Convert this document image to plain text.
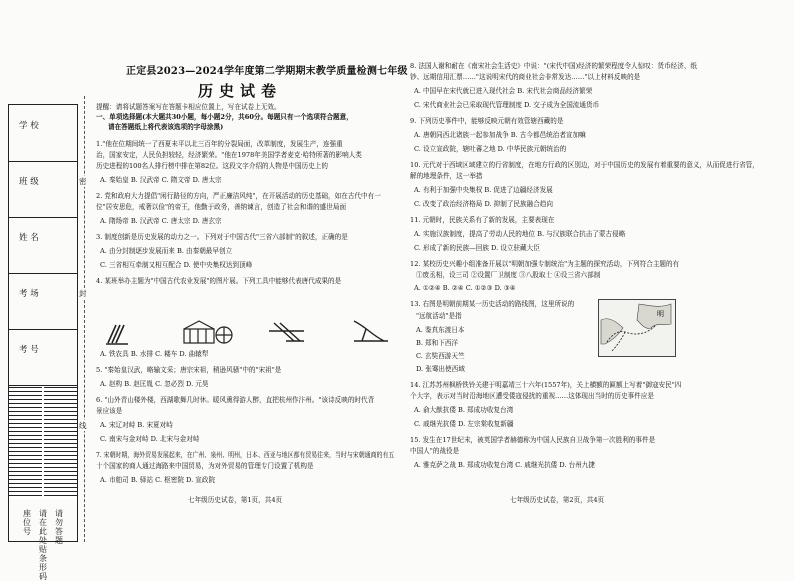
学 校
班 级
姓 名
考 场
考 号
座位号
请在此处贴条形码
请勿答题
密
封
线
正定县2023—2024学年度第二学期期末教学质量检测七年级
历史试卷
提醒：请将试题答案写在答题卡相应位置上，写在试卷上无效。
一、单项选择题(本大题共30小题，每小题2分，共60分。每题只有一个选项符合题意，
请在答题纸上将代表该选项的字母涂黑)
1."他在位期间统一了西夏未平以北三百年的分裂局面，改革制度，发展生产，连强重
治，国家安定，人民负担较轻，经济繁荣。"他在1978年美国学者麦克·哈特所著的影响人类
历史进程的100名人排行榜中排在第82位。这段文字介绍的人物是中国历史上的
A. 秦始皇 B. 汉武帝 C. 隋文帝 D. 唐太宗
2. 党和政府大力提倡"闲行路径的方向，严正廉洁风纯"，在开展活动的历史基础，如在古代中有一
位"居安思危，戒奢以俭"的帝王，他勤于政务，善纳谏言，创造了社会和谐的盛世局面
A. 隋炀帝 B. 汉武帝 C. 唐太宗 D. 唐玄宗
3. 制度创新是历史发展的动力之一。下列对于中国古代"三省六部制"的叙述，正确的是
A. 由分封制逐步发展而来 B. 由秦朝最早创立
C. 三省相互牵制又相互配合 D. 使中央集权达到顶峰
4. 某班举办主题为"中国古代农业发展"的图片展。下列工具中能够代表唐代成果的是
A. 铁农具 B. 水排 C. 耧车 D. 曲辕犁
5. "秦始皇汉武，略输文采；唐宗宋祖，稍逊风骚"中的"宋祖"是
A. 赵构 B. 赵匡胤 C. 忽必烈 D. 元昊
6. "山外青山楼外楼，西湖歌舞几时休。暖风熏得游人醉，直把杭州作汴州。"该诗反映的时代背
景应该是
A. 宋辽对峙 B. 宋夏对峙
C. 南宋与金对峙 D. 北宋与金对峙
7. 宋朝时期，海外贸易发展起来，在广州、泉州、明州，日本、西亚与地区都有贸易往来，当时与宋朝通商的有五
十个国家的商人通过海路来中国贸易，为对外贸易的管理专门设置了机构是
A. 市舶司 B. 驿站 C. 枢密院 D. 宣政院
七年级历史试卷，第1页，共4页
8. 法国人谢和耐在《南宋社会生活史》中说："(宋代中国)经济的繁荣程度令人惊叹：货币经济、纸
钞、远期信用汇票……"这说明宋代的商业社会非常发达……"以上材料反映的是
A. 中国早在宋代就已进入现代社会 B. 宋代社会商品经济繁荣
C. 宋代商业社会已采取现代管理制度 D. 交子成为全国流通货币
9. 下列历史事件中，能够反映元朝有效管辖西藏的是
A. 唐朝同西北诸族一起参加战争 B. 古今都邑统治者宣加嘛
C. 设立宣政院，辖吐蕃之地 D. 中华民族元朝统治的
10. 元代对于西域区域建立的行省制度，在地方行政的区别边，对于中国历史的发展有着重要的意义，从而促进行省管，
解的地理条件，这一举措
A. 有利于加强中央集权 B. 促进了边疆经济发展
C. 改变了政治经济格局 D. 抑制了民族融合趋向
11. 元朝时，民族关系有了新的发展，主要表现在
A. 实施汉族制度，提高了劳动人民的地位 B. 与汉族联合抗击了蒙古侵略
C. 形成了新的民族—回族 D. 设立驻藏大臣
12. 某校历史兴趣小组准备开展以"明朝加强专制统治"为主题的探究活动，下列符合主题的有
①废丞相，设三司 ②设置厂卫制度 ③八股取士 ④设三省六部制
A. ①②④ B. ②④ C. ①②③ D. ③④
13. 右图是明朝前期某一历史活动的路线图，这里所说的
"远航活动"是指
A. 鉴真东渡日本
B. 郑和下西洋
C. 玄奘西游天竺
D. 张骞出使西域
明
14. 江苏苏州枫桥铁铃关建于明嘉靖三十六年(1557年)，关上横额的匾额上写着"御寇安民"四
个大字，表示对当时沿海地区遭受倭寇侵扰的重视……这体现出当时的历史事件应是
A. 俞大猷抗倭 B. 郑成功收复台湾
C. 戚继光抗倭 D. 左宗棠收复新疆
15. 发生在17世纪末，被英国学者赫德称为中国人民族自卫战争第一次胜利的事件是
中国人"的战役是
A. 雅克萨之战 B. 郑成功收复台湾 C. 戚继光抗倭 D. 台州九捷
七年级历史试卷，第2页，共4页
